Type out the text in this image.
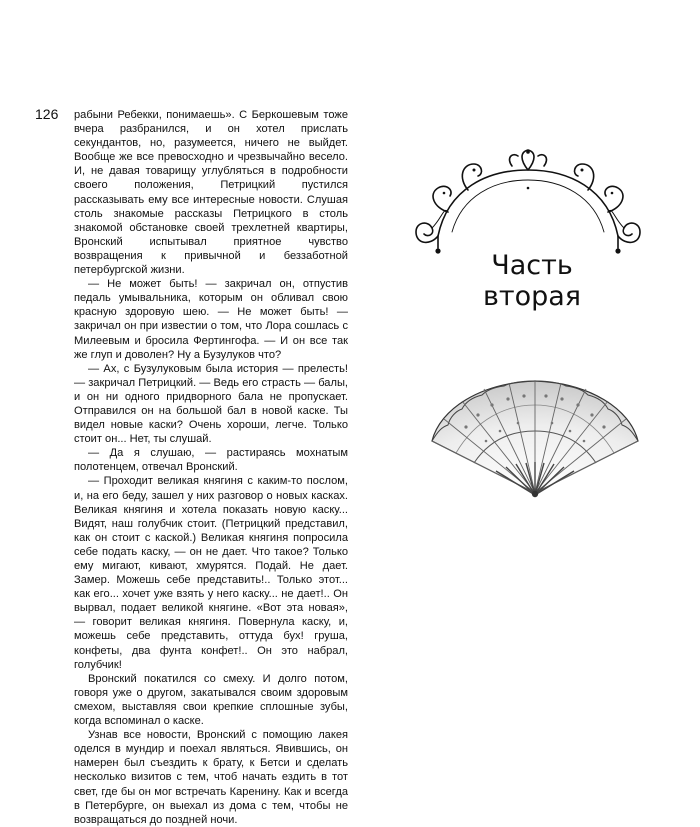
126 рабыни Ребекки, понимаешь». С Беркошевым тоже вчера разбранился, и он хотел прислать секундантов, но, разумеется, ничего не выйдет. Вообще же все превосходно и чрезвычайно весело. И, не давая товарищу углубляться в подробности своего положения, Петрицкий пустился рассказывать ему все интересные новости. Слушая столь знакомые рассказы Петрицкого в столь знакомой обстановке своей трехлетней квартиры, Вронский испытывал приятное чувство возвращения к привычной и беззаботной петербургской жизни.

— Не может быть! — закричал он, отпустив педаль умывальника, которым он обливал свою красную здоровую шею. — Не может быть! — закричал он при известии о том, что Лора сошлась с Милеевым и бросила Фертингофа. — И он все так же глуп и доволен? Ну а Бузулуков что?

— Ах, с Бузулуковым была история — прелесть! — закричал Петрицкий. — Ведь его страсть — балы, и он ни одного придворного бала не пропускает. Отправился он на большой бал в новой каске. Ты видел новые каски? Очень хороши, легче. Только стоит он... Нет, ты слушай.

— Да я слушаю, — растираясь мохнатым полотенцем, отвечал Вронский.

— Проходит великая княгиня с каким-то послом, и, на его беду, зашел у них разговор о новых касках. Великая княгиня и хотела показать новую каску... Видят, наш голубчик стоит. (Петрицкий представил, как он стоит с каской.) Великая княгиня попросила себе подать каску, — он не дает. Что такое? Только ему мигают, кивают, хмурятся. Подай. Не дает. Замер. Можешь себе представить!.. Только этот... как его... хочет уже взять у него каску... не дает!.. Он вырвал, подает великой княгине. «Вот эта новая», — говорит великая княгиня. Повернула каску, и, можешь себе представить, оттуда бух! груша, конфеты, два фунта конфет!.. Он это набрал, голубчик!

Вронский покатился со смеху. И долго потом, говоря уже о другом, закатывался своим здоровым смехом, выставляя свои крепкие сплошные зубы, когда вспоминал о каске.

Узнав все новости, Вронский с помощию лакея оделся в мундир и поехал являться. Явившись, он намерен был съездить к брату, к Бетси и сделать несколько визитов с тем, чтоб начать ездить в тот свет, где бы он мог встречать Каренину. Как и всегда в Петербурге, он выехал из дома с тем, чтобы не возвращаться до поздней ночи.

Часть
вторая
